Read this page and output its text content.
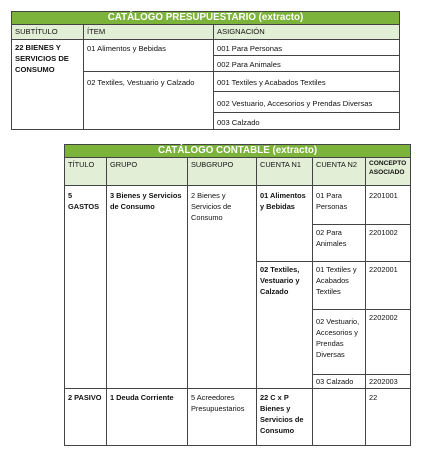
CATÁLOGO PRESUPUESTARIO (extracto)		
SUBTÍTULO	ÍTEM	ASIGNACIÓN
22 BIENES Y SERVICIOS DE CONSUMO	01 Alimentos y Bebidas	001 Para Personas
		002 Para Animales
	02 Textiles, Vestuario y Calzado	001 Textiles y Acabados Textiles
		002 Vestuario, Accesorios y Prendas Diversas
		003 Calzado
CATÁLOGO CONTABLE (extracto)					
TÍTULO	GRUPO	SUBGRUPO	CUENTA N1	CUENTA N2	CONCEPTO ASOCIADO
5 GASTOS	3 Bienes y Servicios de Consumo	2 Bienes y Servicios de Consumo	01 Alimentos y Bebidas	01 Para Personas	2201001
				02 Para Animales	2201002
			02 Textiles, Vestuario y Calzado	01 Textiles y Acabados Textiles	2202001
				02 Vestuario, Accesorios y Prendas Diversas	2202002
				03 Calzado	2202003
2 PASIVO	1 Deuda Corriente	5 Acreedores Presupuestarios	22 C x P Bienes y Servicios de Consumo		22
